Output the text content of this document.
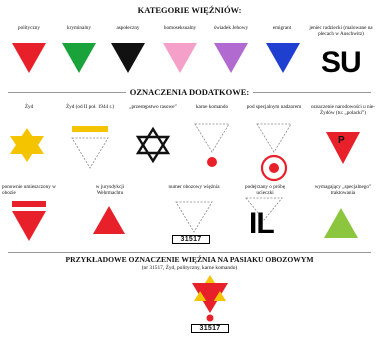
KATEGORIE WIĘŹNIÓW:
polityczny	kryminalny	aspołeczny	homoseksualny	świadek Jehowy	emigrant	jeniec radziecki (malowane na plecach w Auschwitz)
SU
OZNACZENIA DODATKOWE:
Żyd	Żyd (od II poł. 1944 r.)	„przestępstwo rasowe”	karne komando	pod specjalnym nadzorem oznaczenie narodowości u nie-Żydów (tu: „polacki”)
P
ponownie umieszczony w obozie
w jurysdykcji Wehrmachtu
numer obozowy więźnia	podejrzany o próbę ucieczki
wymagający „specjalnego” traktowania
31517 IL
PRZYKŁADOWE OZNACZENIE WIĘŹNIA NA PASIAKU OBOZOWYM
(nr 31517, Żyd, polityczny, karne komando)
31517
